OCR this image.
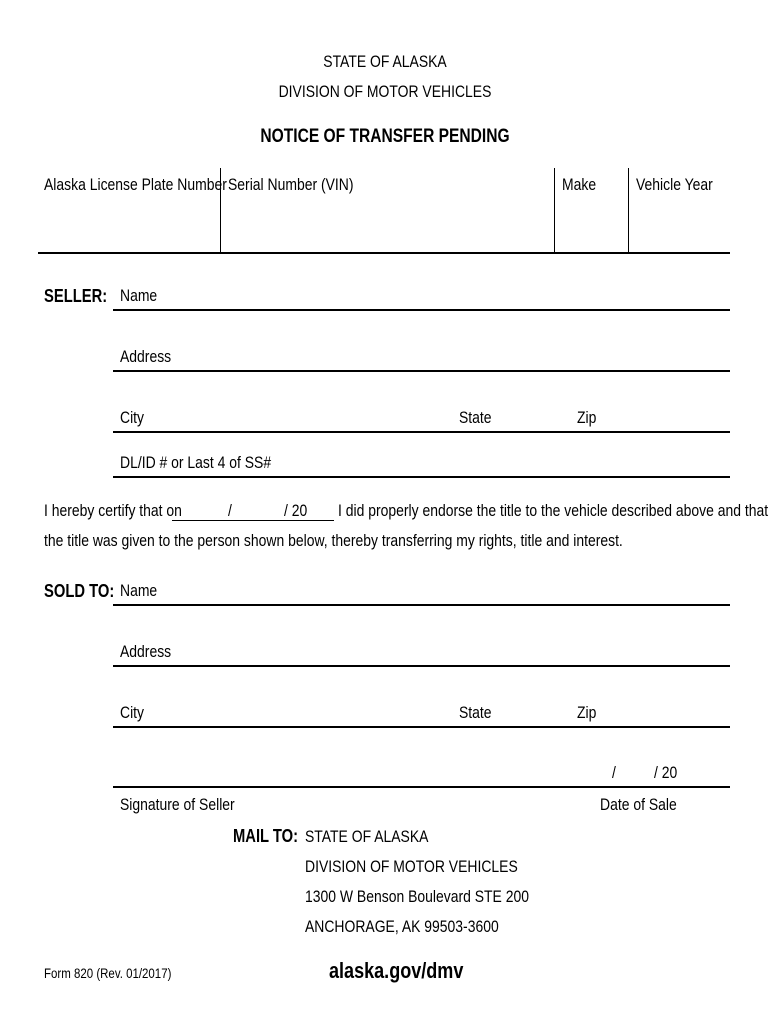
STATE OF ALASKA
DIVISION OF MOTOR VEHICLES
NOTICE OF TRANSFER PENDING
Alaska License Plate Number Serial Number (VIN)	Make Vehicle Year
SELLER: Name
Address
City	State	Zip
DL/ID # or Last 4 of SS#
I hereby certify that on	/	/ 20 I did properly endorse the title to the vehicle described above and that
the title was given to the person shown below, thereby transferring my rights, title and interest.
SOLD TO: Name
Address
City	State	Zip
/ / 20
Signature of Seller	Date of Sale
MAIL TO: STATE OF ALASKA
DIVISION OF MOTOR VEHICLES
1300 W Benson Boulevard STE 200
ANCHORAGE, AK 99503-3600
Form 820 (Rev. 01/2017)	alaska.gov/dmv
